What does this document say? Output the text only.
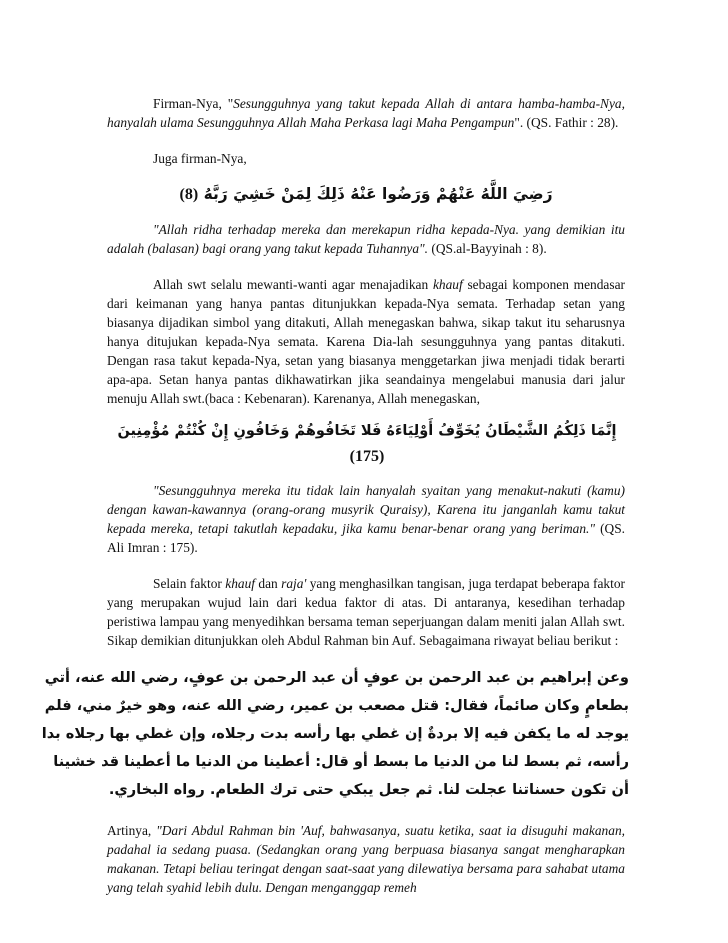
Firman-Nya, "Sesungguhnya yang takut kepada Allah di antara hamba-hamba-Nya, hanyalah ulama Sesungguhnya Allah Maha Perkasa lagi Maha Pengampun". (QS. Fathir : 28).

Juga firman-Nya,

رَضِيَ اللَّهُ عَنْهُمْ وَرَضُوا عَنْهُ ذَلِكَ لِمَنْ خَشِيَ رَبَّهُ (8)

"Allah ridha terhadap mereka dan merekapun ridha kepada-Nya. yang demikian itu adalah (balasan) bagi orang yang takut kepada Tuhannya". (QS.al-Bayyinah : 8).

Allah swt selalu mewanti-wanti agar menajadikan khauf sebagai komponen mendasar dari keimanan yang hanya pantas ditunjukkan kepada-Nya semata. Terhadap setan yang biasanya dijadikan simbol yang ditakuti, Allah menegaskan bahwa, sikap takut itu seharusnya hanya ditujukan kepada-Nya semata. Karena Dia-lah sesungguhnya yang pantas ditakuti. Dengan rasa takut kepada-Nya, setan yang biasanya menggetarkan jiwa menjadi tidak berarti apa-apa. Setan hanya pantas dikhawatirkan jika seandainya mengelabui manusia dari jalur menuju Allah swt.(baca : Kebenaran). Karenanya, Allah menegaskan,

إِنَّمَا ذَلِكُمُ الشَّيْطَانُ يُخَوِّفُ أَوْلِيَاءَهُ فَلا تَخَافُوهُمْ وَخَافُونِ إِنْ كُنْتُمْ مُؤْمِنِينَ (175)

"Sesungguhnya mereka itu tidak lain hanyalah syaitan yang menakut-nakuti (kamu) dengan kawan-kawannya (orang-orang musyrik Quraisy), Karena itu janganlah kamu takut kepada mereka, tetapi takutlah kepadaku, jika kamu benar-benar orang yang beriman." (QS. Ali Imran : 175).

Selain faktor khauf dan raja' yang menghasilkan tangisan, juga terdapat beberapa faktor yang merupakan wujud lain dari kedua faktor di atas. Di antaranya, kesedihan terhadap peristiwa lampau yang menyedihkan bersama teman seperjuangan dalam meniti jalan Allah swt. Sikap demikian ditunjukkan oleh Abdul Rahman bin Auf. Sebagaimana riwayat beliau berikut :

وعن إبراهيم بن عبد الرحمن بن عوفٍ أن عبد الرحمن بن عوفٍ، رضي الله عنه، أتي
بطعامٍ وكان صائماً، فقال: قتل مصعب بن عمير، رضي الله عنه، وهو خيرٌ مني، فلم
يوجد له ما يكفن فيه إلا بردةٌ إن غطي بها رأسه بدت رجلاه، وإن غطي بها رجلاه بدا
رأسه، ثم بسط لنا من الدنيا ما بسط أو قال: أعطينا من الدنيا ما أعطينا قد خشينا
أن تكون حسناتنا عجلت لنا. ثم جعل يبكي حتى ترك الطعام. رواه البخاري.

Artinya, "Dari Abdul Rahman bin 'Auf, bahwasanya, suatu ketika, saat ia disuguhi makanan, padahal ia sedang puasa. (Sedangkan orang yang berpuasa biasanya sangat mengharapkan makanan. Tetapi beliau teringat dengan saat-saat yang dilewatiya bersama para sahabat utama yang telah syahid lebih dulu. Dengan menganggap remeh
